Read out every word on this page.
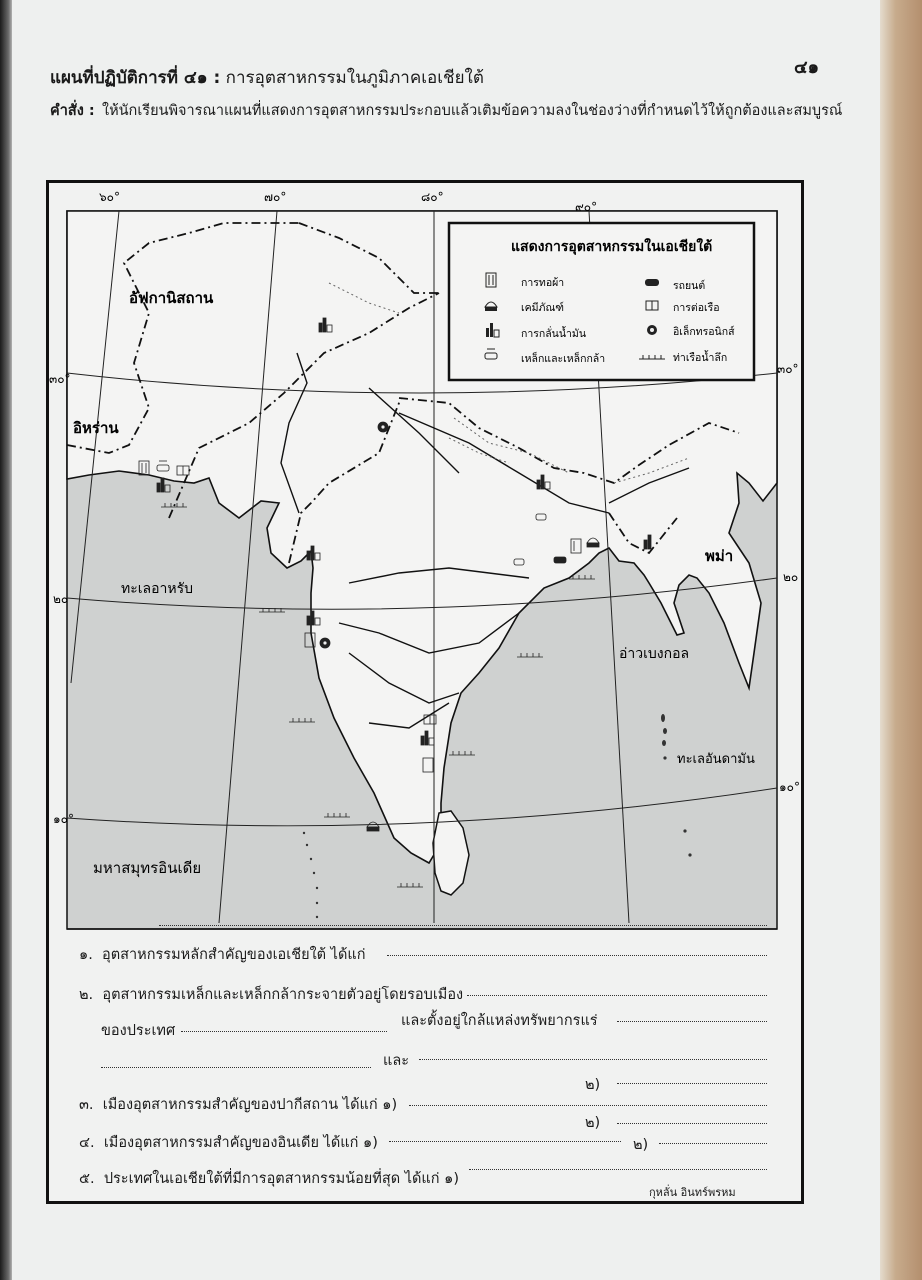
๔๑
แผนที่ปฏิบัติการที่ ๔๑ : การอุตสาหกรรมในภูมิภาคเอเชียใต้
คำสั่ง : ให้นักเรียนพิจารณาแผนที่แสดงการอุตสาหกรรมประกอบแล้วเติมข้อความลงในช่องว่างที่กำหนดไว้ให้ถูกต้องและสมบูรณ์
๖๐°	๗๐°	๘๐°
๙๐°
๓๐°
๒๐
๑๐°
๓๐°
๒๐
๑๐°
อัฟกานิสถาน
อิหร่าน
ทะเลอาหรับ
อ่าวเบงกอล
ทะเลอันดามัน
มหาสมุทรอินเดีย
พม่า
แสดงการอุตสาหกรรมในเอเชียใต้
การทอผ้า
เคมีภัณฑ์
การกลั่นน้ำมัน
เหล็กและเหล็กกล้า
รถยนต์
การต่อเรือ
อิเล็กทรอนิกส์
ท่าเรือน้ำลึก
๑. อุตสาหกรรมหลักสำคัญของเอเชียใต้ ได้แก่
๒. อุตสาหกรรมเหล็กและเหล็กกล้ากระจายตัวอยู่โดยรอบเมือง
ของประเทศ
และตั้งอยู่ใกล้แหล่งทรัพยากรแร่
และ
๒)
๓. เมืองอุตสาหกรรมสำคัญของปากีสถาน ได้แก่ ๑)
๒)
๔. เมืองอุตสาหกรรมสำคัญของอินเดีย ได้แก่ ๑)	๒)
๕. ประเทศในเอเชียใต้ที่มีการอุตสาหกรรมน้อยที่สุด ได้แก่ ๑)
กุหลั่น อินทร์พรหม
